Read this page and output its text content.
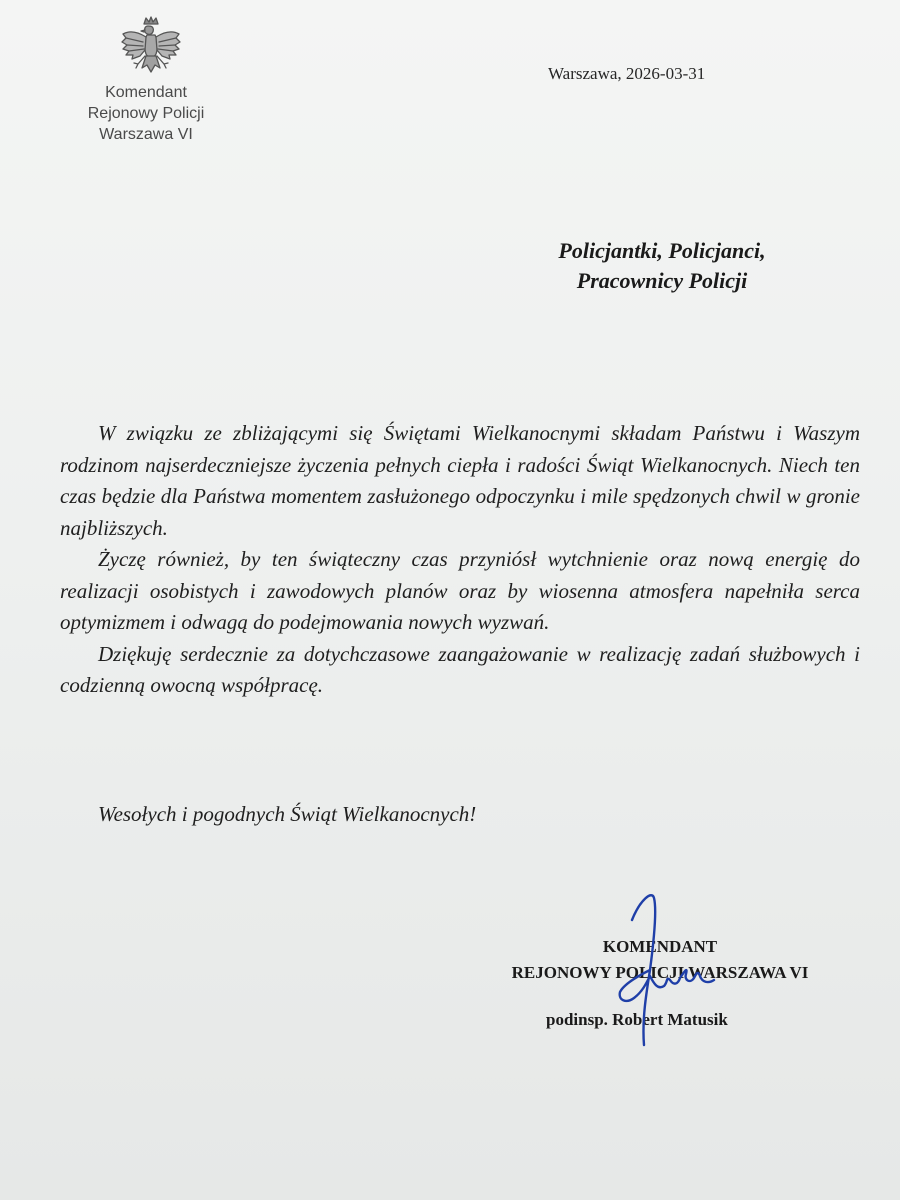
Komendant
Rejonowy Policji
Warszawa VI
Warszawa, 2026-03-31
Policjantki, Policjanci,
Pracownicy Policji

W związku ze zbliżającymi się Świętami Wielkanocnymi składam Państwu i Waszym rodzinom najserdeczniejsze życzenia pełnych ciepła i radości Świąt Wielkanocnych. Niech ten czas będzie dla Państwa momentem zasłużonego odpoczynku i mile spędzonych chwil w gronie najbliższych.

Życzę również, by ten świąteczny czas przyniósł wytchnienie oraz nową energię do realizacji osobistych i zawodowych planów oraz by wiosenna atmosfera napełniła serca optymizmem i odwagą do podejmowania nowych wyzwań.

Dziękuję serdecznie za dotychczasowe zaangażowanie w realizację zadań służbowych i codzienną owocną współpracę.

Wesołych i pogodnych Świąt Wielkanocnych!
KOMENDANT
REJONOWY POLICJI WARSZAWA VI
podinsp. Robert Matusik
